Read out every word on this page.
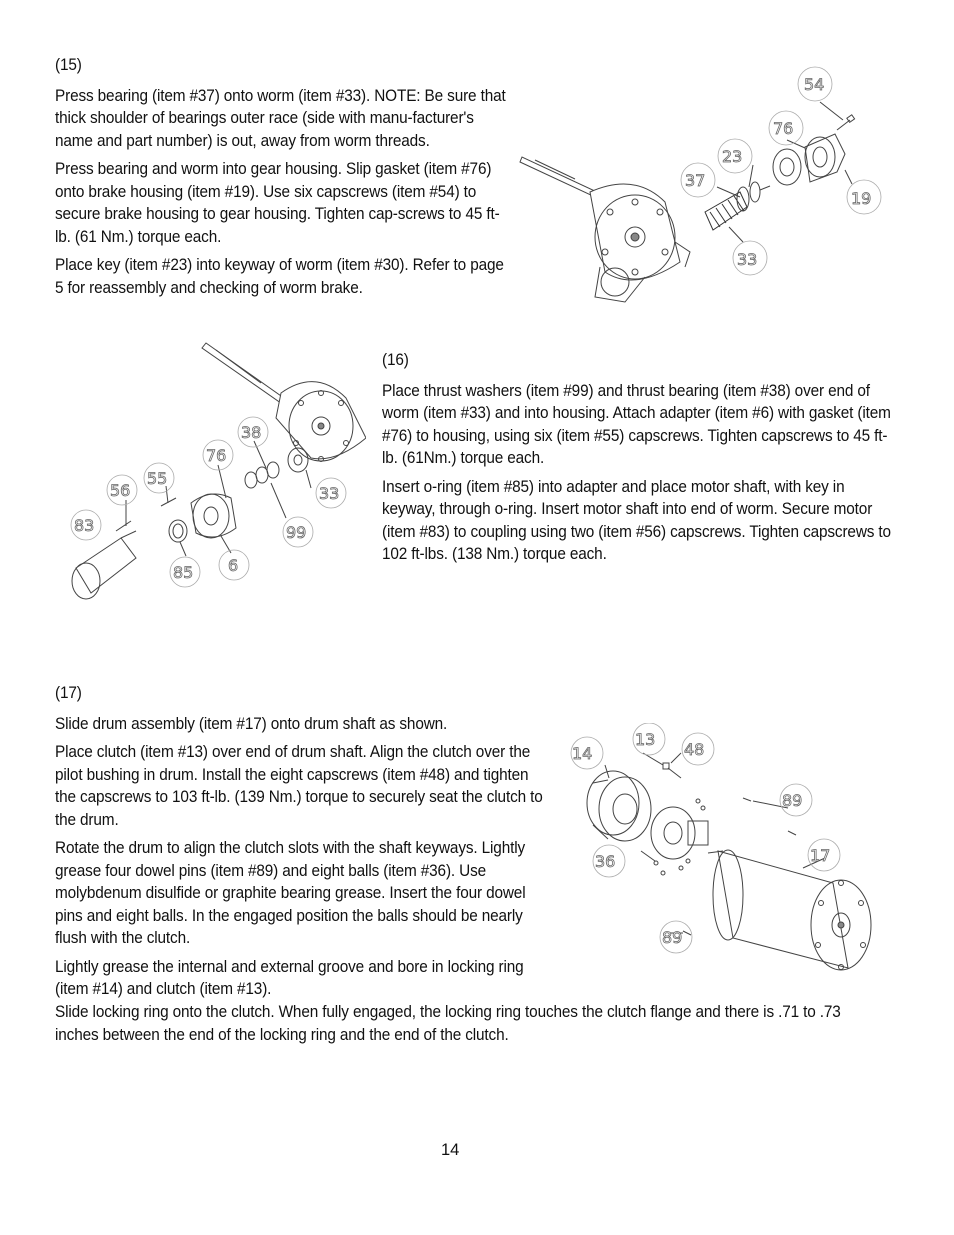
(15)

Press bearing (item #37) onto worm (item #33). NOTE: Be sure that thick shoulder of bearings outer race (side with manu-facturer's name and part number) is out, away from worm threads.

Press bearing and worm into gear housing. Slip gasket (item #76) onto brake housing (item #19). Use six capscrews (item #54) to secure brake housing to gear housing. Tighten cap-screws to 45 ft-lb. (61 Nm.) torque each.

Place key (item #23) into keyway of worm (item #30). Refer to page 5 for reassembly and checking of worm brake.

54
76
23
37
19
33
38
76
56
55
83
33
99
85 6

(16)

Place thrust washers (item #99) and thrust bearing (item #38) over end of worm (item #33) and into housing. Attach adapter (item #6) with gasket (item #76) to housing, using six (item #55) capscrews. Tighten capscrews to 45 ft-lb. (61Nm.) torque each.

Insert o-ring (item #85) into adapter and place motor shaft, with key in keyway, through o-ring. Insert motor shaft into end of worm. Secure motor (item #83) to coupling using two (item #56) capscrews. Tighten capscrews to 102 ft-lbs. (138 Nm.) torque each.

(17)

Slide drum assembly (item #17) onto drum shaft as shown.

Place clutch (item #13) over end of drum shaft. Align the clutch over the pilot bushing in drum. Install the eight capscrews (item #48) and tighten the capscrews to 103 ft-lb. (139 Nm.) torque to securely seat the clutch to the drum.

Rotate the drum to align the clutch slots with the shaft keyways. Lightly grease four dowel pins (item #89) and eight balls (item #36). Use molybdenum disulfide or graphite bearing grease. Insert the four dowel pins and eight balls. In the engaged position the balls should be nearly flush with the clutch.

Lightly grease the internal and external groove and bore in locking ring (item #14) and clutch (item #13).

Slide locking ring onto the clutch. When fully engaged, the locking ring touches the clutch flange and there is .71 to .73 inches between the end of the locking ring and the end of the clutch.

14
13
48
89
36	17
89
14
